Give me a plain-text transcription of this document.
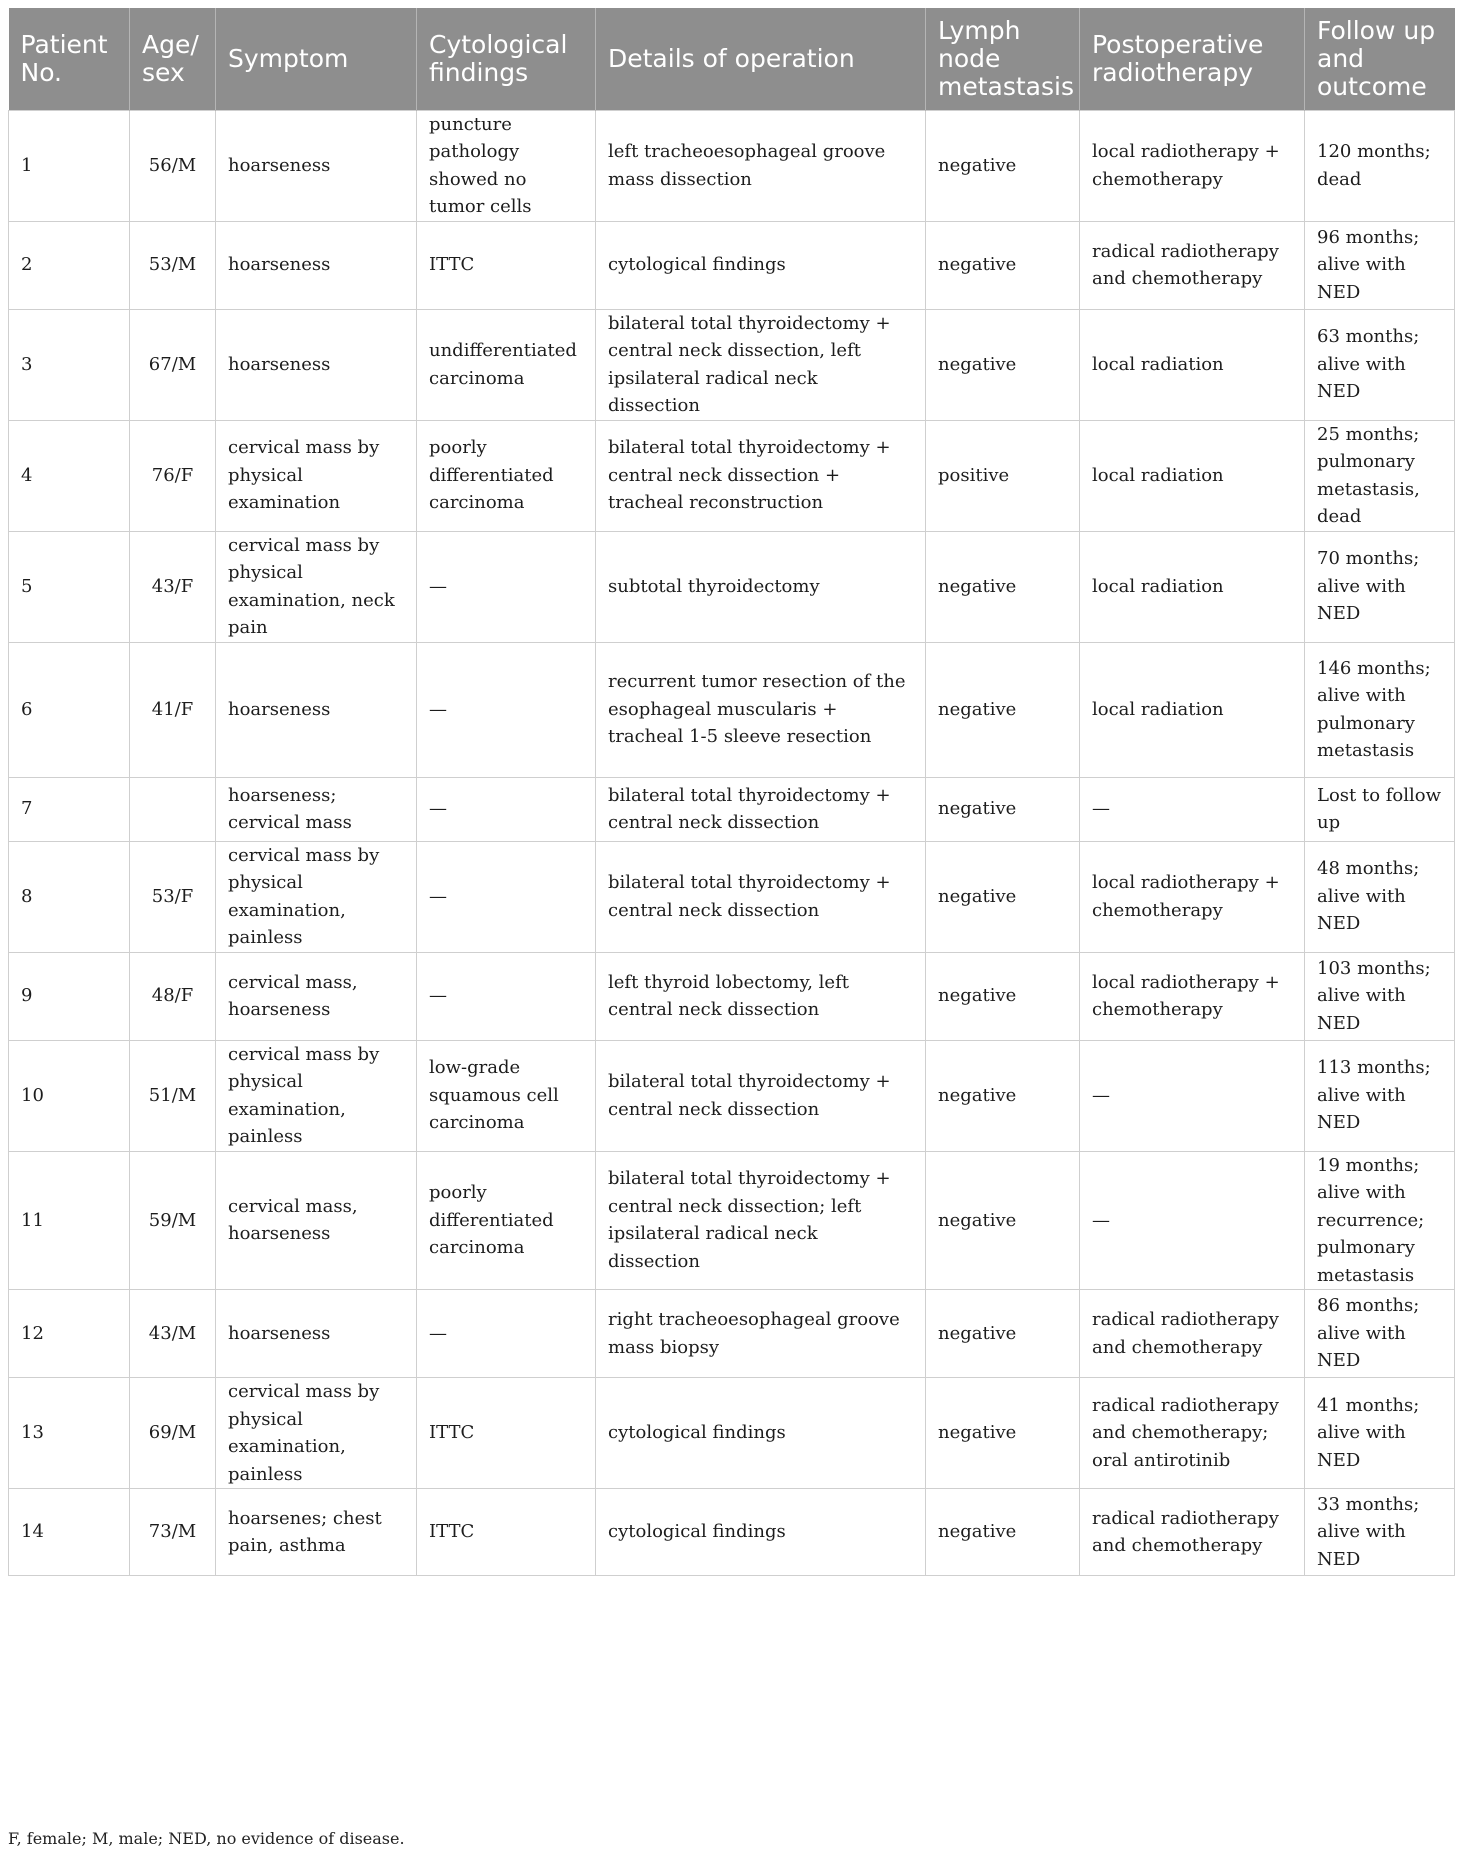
Patient No.	Age/ sex	Symptom	Cytological findings	Details of operation	Lymph node metastasis	Postoperative radiotherapy	Follow up and outcome
1	56/M	hoarseness	puncture pathology showed no tumor cells	left tracheoesophageal groove mass dissection	negative	local radiotherapy + chemotherapy	120 months; dead
2	53/M	hoarseness	ITTC	cytological findings	negative	radical radiotherapy and chemotherapy	96 months; alive with NED
3	67/M	hoarseness	undifferentiated carcinoma	bilateral total thyroidectomy + central neck dissection, left ipsilateral radical neck dissection	negative	local radiation	63 months; alive with NED
4	76/F	cervical mass by physical examination	poorly differentiated carcinoma	bilateral total thyroidectomy + central neck dissection + tracheal reconstruction	positive	local radiation	25 months; pulmonary metastasis, dead
5	43/F	cervical mass by physical examination, neck pain	—	subtotal thyroidectomy	negative	local radiation	70 months; alive with NED
6	41/F	hoarseness	—	recurrent tumor resection of the esophageal muscularis + tracheal 1-5 sleeve resection	negative	local radiation	146 months; alive with pulmonary metastasis
7		hoarseness; cervical mass	—	bilateral total thyroidectomy + central neck dissection	negative	—	Lost to follow up
8	53/F	cervical mass by physical examination, painless	—	bilateral total thyroidectomy + central neck dissection	negative	local radiotherapy + chemotherapy	48 months; alive with NED
9	48/F	cervical mass, hoarseness	—	left thyroid lobectomy, left central neck dissection	negative	local radiotherapy + chemotherapy	103 months; alive with NED
10	51/M	cervical mass by physical examination, painless	low-grade squamous cell carcinoma	bilateral total thyroidectomy + central neck dissection	negative	—	113 months; alive with NED
11	59/M	cervical mass, hoarseness	poorly differentiated carcinoma	bilateral total thyroidectomy + central neck dissection; left ipsilateral radical neck dissection	negative	—	19 months; alive with recurrence; pulmonary metastasis
12	43/M	hoarseness	—	right tracheoesophageal groove mass biopsy	negative	radical radiotherapy and chemotherapy	86 months; alive with NED
13	69/M	cervical mass by physical examination, painless	ITTC	cytological findings	negative	radical radiotherapy and chemotherapy; oral antirotinib	41 months; alive with NED
14	73/M	hoarsenes; chest pain, asthma	ITTC	cytological findings	negative	radical radiotherapy and chemotherapy	33 months; alive with NED
F, female; M, male; NED, no evidence of disease.
